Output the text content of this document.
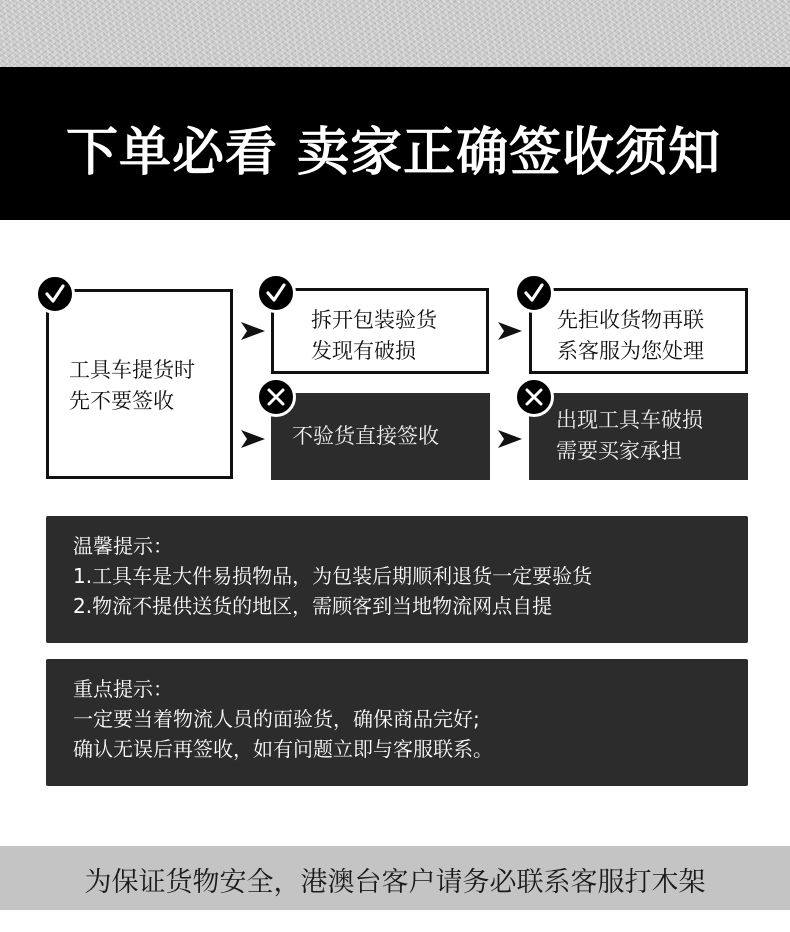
下单必看 卖家正确签收须知
工具车提货时
先不要签收
拆开包装验货
发现有破损
先拒收货物再联
系客服为您处理
不验货直接签收
出现工具车破损
需要买家承担
温馨提示：
1.工具车是大件易损物品，为包装后期顺利退货一定要验货
2.物流不提供送货的地区，需顾客到当地物流网点自提
重点提示：
一定要当着物流人员的面验货，确保商品完好;
确认无误后再签收，如有问题立即与客服联系。
为保证货物安全，港澳台客户请务必联系客服打木架
